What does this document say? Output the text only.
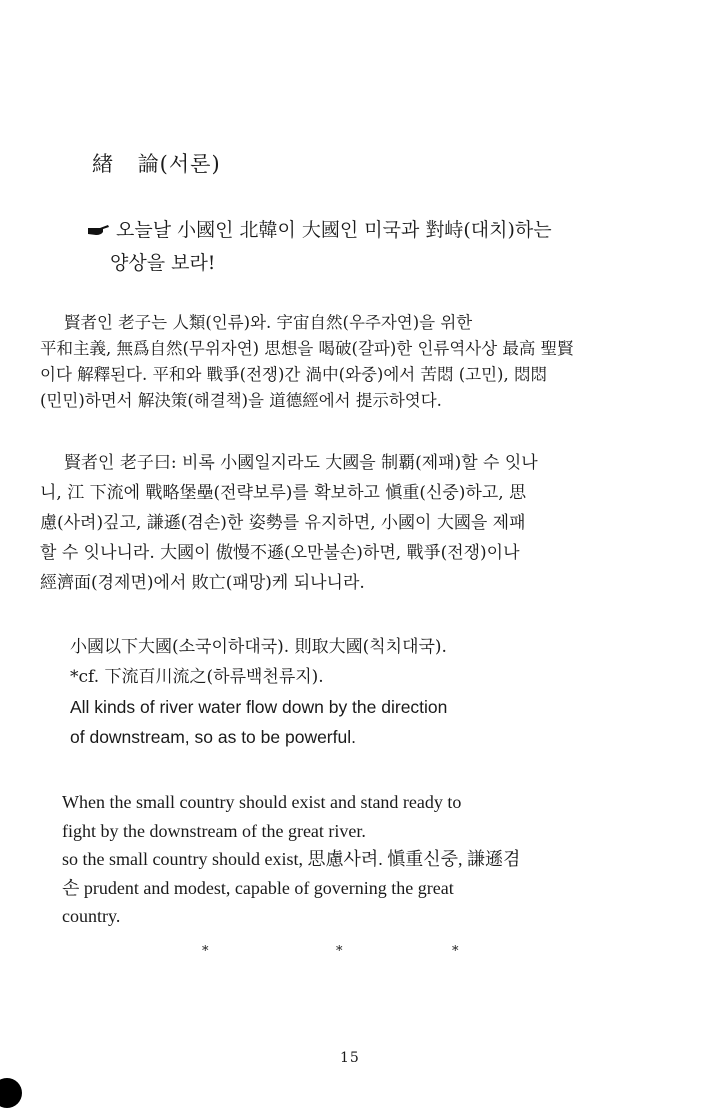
緖 論(서론)
오늘날 小國인 北韓이 大國인 미국과 對峙(대치)하는
양상을 보라!
賢者인 老子는 人類(인류)와. 宇宙自然(우주자연)을 위한
平和主義, 無爲自然(무위자연) 思想을 喝破(갈파)한 인류역사상 最高 聖賢
이다 解釋된다. 平和와 戰爭(전쟁)간 渦中(와중)에서 苦悶 (고민), 悶悶
(민민)하면서 解決策(해결책)을 道德經에서 提示하엿다.
賢者인 老子曰: 비록 小國일지라도 大國을 制覇(제패)할 수 잇나
니, 江 下流에 戰略堡壘(전략보루)를 확보하고 愼重(신중)하고, 思
慮(사려)깊고, 謙遜(겸손)한 姿勢를 유지하면, 小國이 大國을 제패
할 수 잇나니라. 大國이 傲慢不遜(오만불손)하면, 戰爭(전쟁)이나
經濟面(경제면)에서 敗亡(패망)케 되나니라.
小國以下大國(소국이하대국). 則取大國(칙치대국).
*cf. 下流百川流之(하류백천류지).
All kinds of river water flow down by the direction
of downstream, so as to be powerful.
When the small country should exist and stand ready to
fight by the downstream of the great river.
so the small country should exist, 思慮사려. 愼重신중, 謙遜겸
손 prudent and modest, capable of governing the great
country.
*	*	*
15
